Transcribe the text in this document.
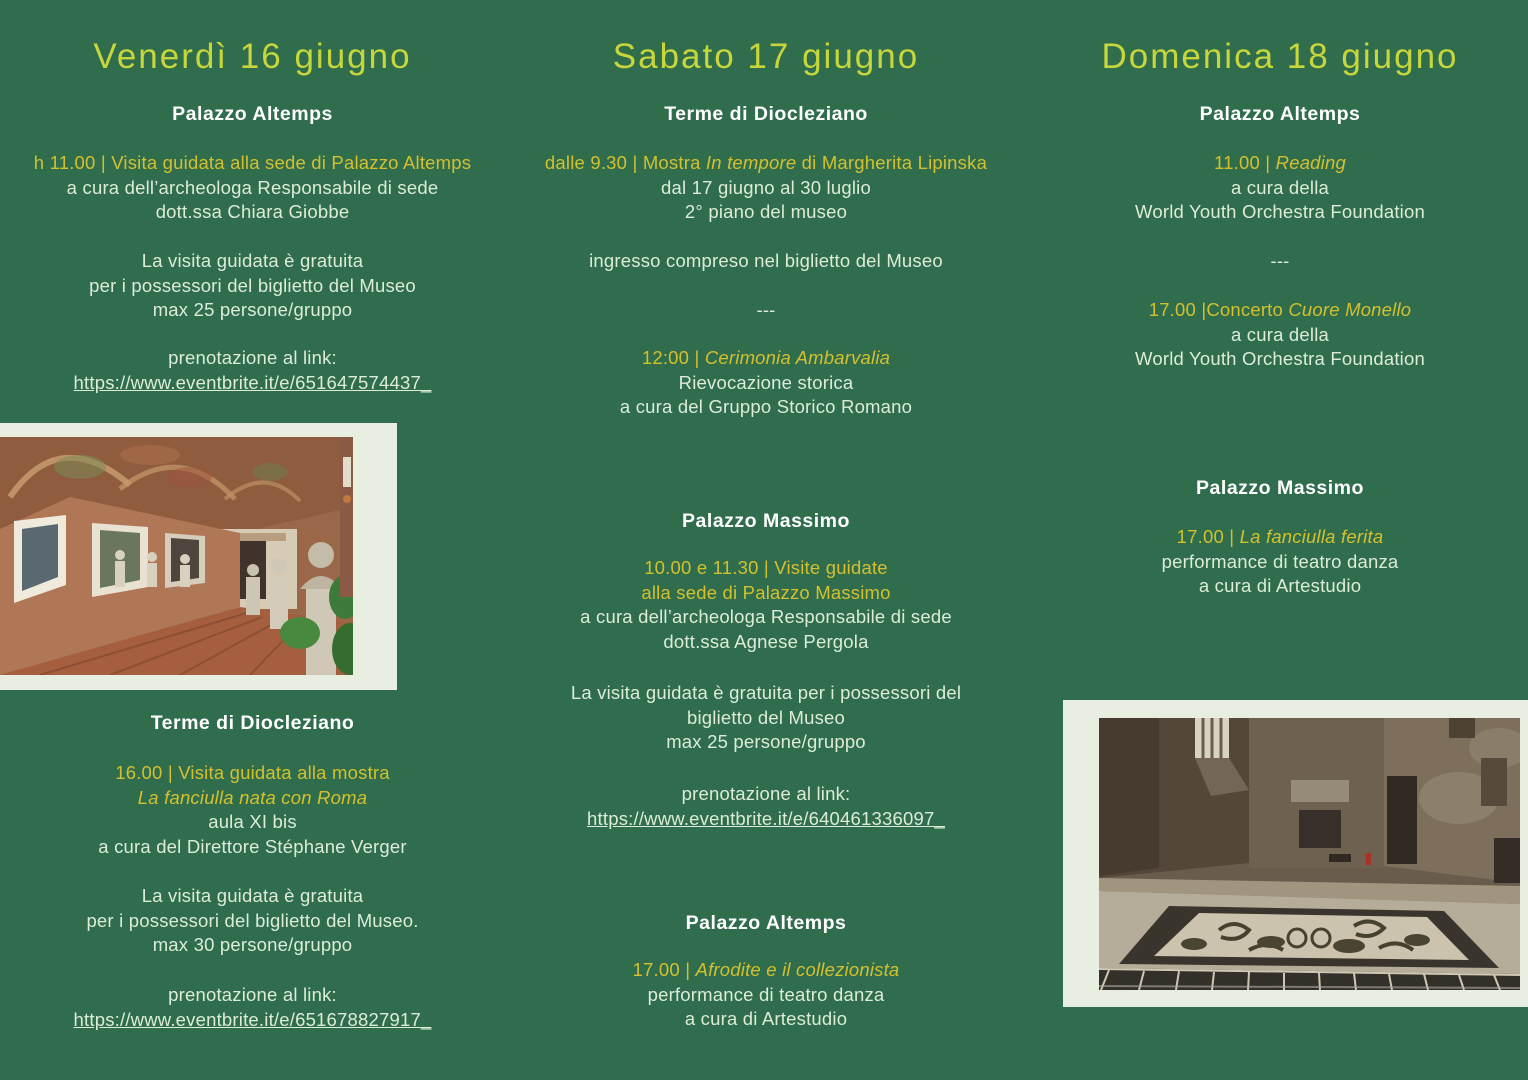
Venerdì 16 giugno
Palazzo Altemps
h 11.00 | Visita guidata alla sede di Palazzo Altemps
a cura dell’archeologa Responsabile di sede
dott.ssa Chiara Giobbe
La visita guidata è gratuita
per i possessori del biglietto del Museo
max 25 persone/gruppo
prenotazione al link:
https://www.eventbrite.it/e/651647574437_
Terme di Diocleziano
16.00 | Visita guidata alla mostra
La fanciulla nata con Roma
aula XI bis
a cura del Direttore Stéphane Verger
La visita guidata è gratuita
per i possessori del biglietto del Museo.
max 30 persone/gruppo
prenotazione al link:
https://www.eventbrite.it/e/651678827917_
Sabato 17 giugno
Terme di Diocleziano
dalle 9.30 | Mostra In tempore di Margherita Lipinska
dal 17 giugno al 30 luglio
2° piano del museo
ingresso compreso nel biglietto del Museo
---
12:00 | Cerimonia Ambarvalia
Rievocazione storica
a cura del Gruppo Storico Romano
Palazzo Massimo
10.00 e 11.30 | Visite guidate
alla sede di Palazzo Massimo
a cura dell’archeologa Responsabile di sede
dott.ssa Agnese Pergola
La visita guidata è gratuita per i possessori del
biglietto del Museo
max 25 persone/gruppo
prenotazione al link:
https://www.eventbrite.it/e/640461336097_
Palazzo Altemps
17.00 | Afrodite e il collezionista
performance di teatro danza
a cura di Artestudio
Domenica 18 giugno
Palazzo Altemps
11.00 | Reading
a cura della
World Youth Orchestra Foundation
---
17.00 |Concerto Cuore Monello
a cura della
World Youth Orchestra Foundation
Palazzo Massimo
17.00 | La fanciulla ferita
performance di teatro danza
a cura di Artestudio
